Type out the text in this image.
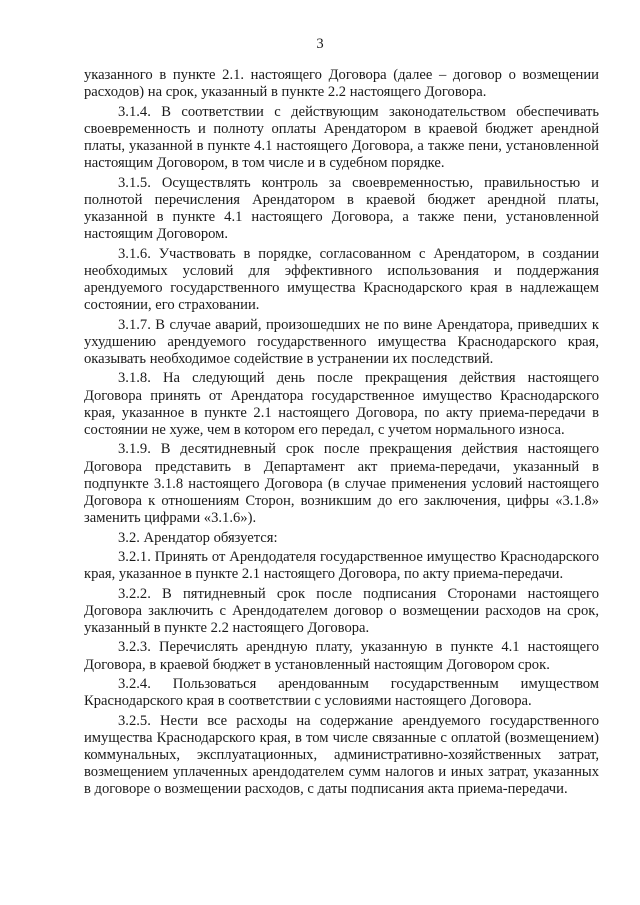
3

указанного в пункте 2.1. настоящего Договора (далее – договор о возмещении расходов) на срок, указанный в пункте 2.2 настоящего Договора.

3.1.4. В соответствии с действующим законодательством обеспечивать своевременность и полноту оплаты Арендатором в краевой бюджет арендной платы, указанной в пункте 4.1 настоящего Договора, а также пени, установленной настоящим Договором, в том числе и в судебном порядке.

3.1.5. Осуществлять контроль за своевременностью, правильностью и полнотой перечисления Арендатором в краевой бюджет арендной платы, указанной в пункте 4.1 настоящего Договора, а также пени, установленной настоящим Договором.

3.1.6. Участвовать в порядке, согласованном с Арендатором, в создании необходимых условий для эффективного использования и поддержания арендуемого государственного имущества Краснодарского края в надлежащем состоянии, его страховании.

3.1.7. В случае аварий, произошедших не по вине Арендатора, приведших к ухудшению арендуемого государственного имущества Краснодарского края, оказывать необходимое содействие в устранении их последствий.

3.1.8. На следующий день после прекращения действия настоящего Договора принять от Арендатора государственное имущество Краснодарского края, указанное в пункте 2.1 настоящего Договора, по акту приема-передачи в состоянии не хуже, чем в котором его передал, с учетом нормального износа.

3.1.9. В десятидневный срок после прекращения действия настоящего Договора представить в Департамент акт приема-передачи, указанный в подпункте 3.1.8 настоящего Договора (в случае применения условий настоящего Договора к отношениям Сторон, возникшим до его заключения, цифры «3.1.8» заменить цифрами «3.1.6»).

3.2. Арендатор обязуется:

3.2.1. Принять от Арендодателя государственное имущество Краснодарского края, указанное в пункте 2.1 настоящего Договора, по акту приема-передачи.

3.2.2. В пятидневный срок после подписания Сторонами настоящего Договора заключить с Арендодателем договор о возмещении расходов на срок, указанный в пункте 2.2 настоящего Договора.

3.2.3. Перечислять арендную плату, указанную в пункте 4.1 настоящего Договора, в краевой бюджет в установленный настоящим Договором срок.

3.2.4. Пользоваться арендованным государственным имуществом Краснодарского края в соответствии с условиями настоящего Договора.

3.2.5. Нести все расходы на содержание арендуемого государственного имущества Краснодарского края, в том числе связанные с оплатой (возмещением) коммунальных, эксплуатационных, административно-хозяйственных затрат, возмещением уплаченных арендодателем сумм налогов и иных затрат, указанных в договоре о возмещении расходов, с даты подписания акта приема-передачи.
